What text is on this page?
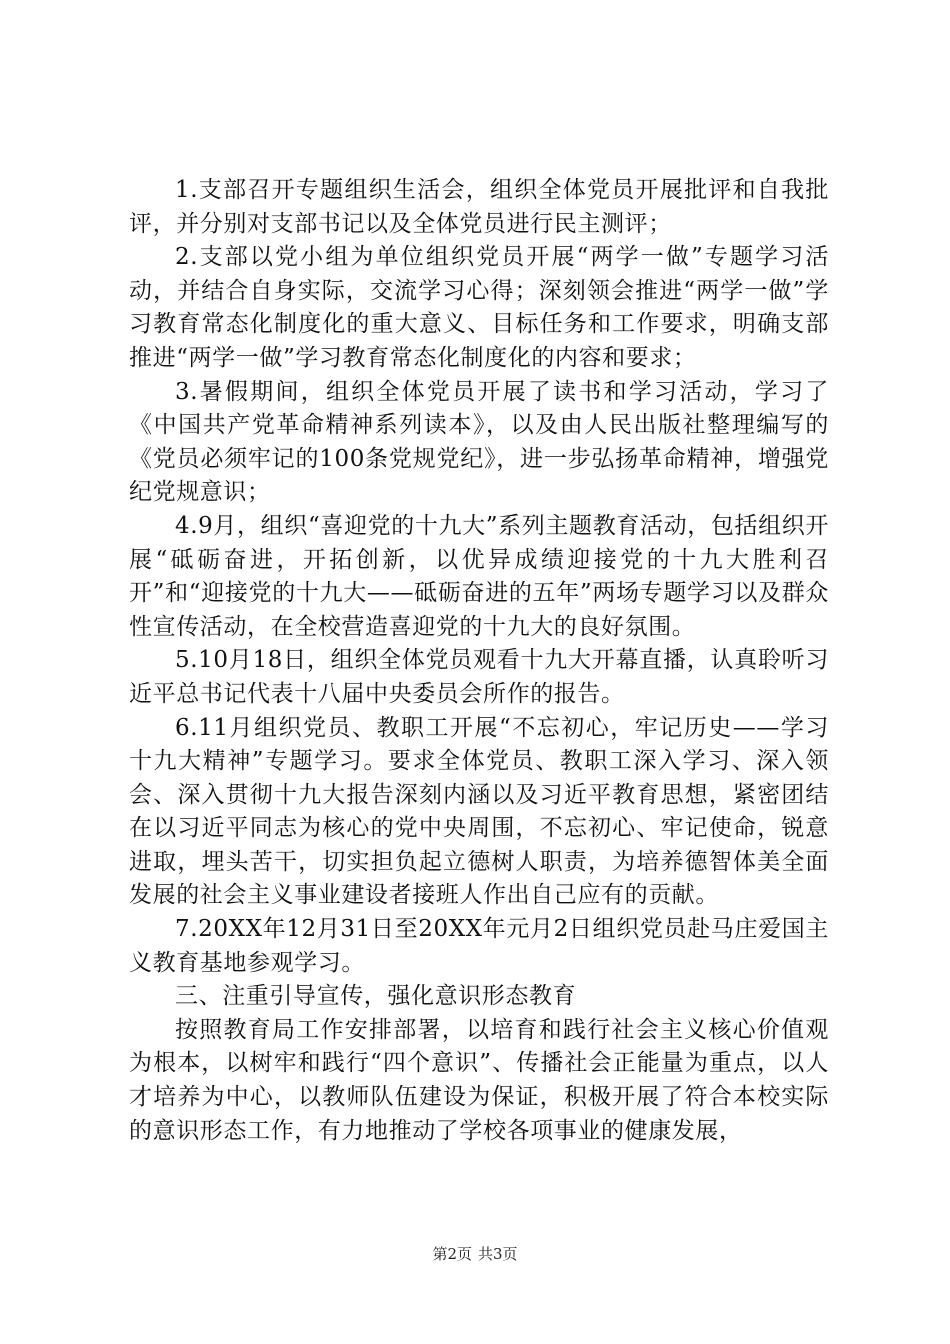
1.支部召开专题组织生活会，组织全体党员开展批评和自我批评，并分别对支部书记以及全体党员进行民主测评；

2.支部以党小组为单位组织党员开展“两学一做”专题学习活动，并结合自身实际，交流学习心得；深刻领会推进“两学一做”学习教育常态化制度化的重大意义、目标任务和工作要求，明确支部推进“两学一做”学习教育常态化制度化的内容和要求；

3.暑假期间，组织全体党员开展了读书和学习活动，学习了《中国共产党革命精神系列读本》，以及由人民出版社整理编写的《党员必须牢记的100条党规党纪》，进一步弘扬革命精神，增强党纪党规意识；

4.9月，组织“喜迎党的十九大”系列主题教育活动，包括组织开展“砥砺奋进，开拓创新，以优异成绩迎接党的十九大胜利召开”和“迎接党的十九大——砥砺奋进的五年”两场专题学习以及群众性宣传活动，在全校营造喜迎党的十九大的良好氛围。

5.10月18日，组织全体党员观看十九大开幕直播，认真聆听习近平总书记代表十八届中央委员会所作的报告。

6.11月组织党员、教职工开展“不忘初心，牢记历史——学习十九大精神”专题学习。要求全体党员、教职工深入学习、深入领会、深入贯彻十九大报告深刻内涵以及习近平教育思想，紧密团结在以习近平同志为核心的党中央周围，不忘初心、牢记使命，锐意进取，埋头苦干，切实担负起立德树人职责，为培养德智体美全面发展的社会主义事业建设者接班人作出自己应有的贡献。

7.20XX年12月31日至20XX年元月2日组织党员赴马庄爱国主义教育基地参观学习。

三、注重引导宣传，强化意识形态教育

按照教育局工作安排部署，以培育和践行社会主义核心价值观为根本，以树牢和践行“四个意识”、传播社会正能量为重点，以人才培养为中心，以教师队伍建设为保证，积极开展了符合本校实际的意识形态工作，有力地推动了学校各项事业的健康发展，

第2页 共3页
